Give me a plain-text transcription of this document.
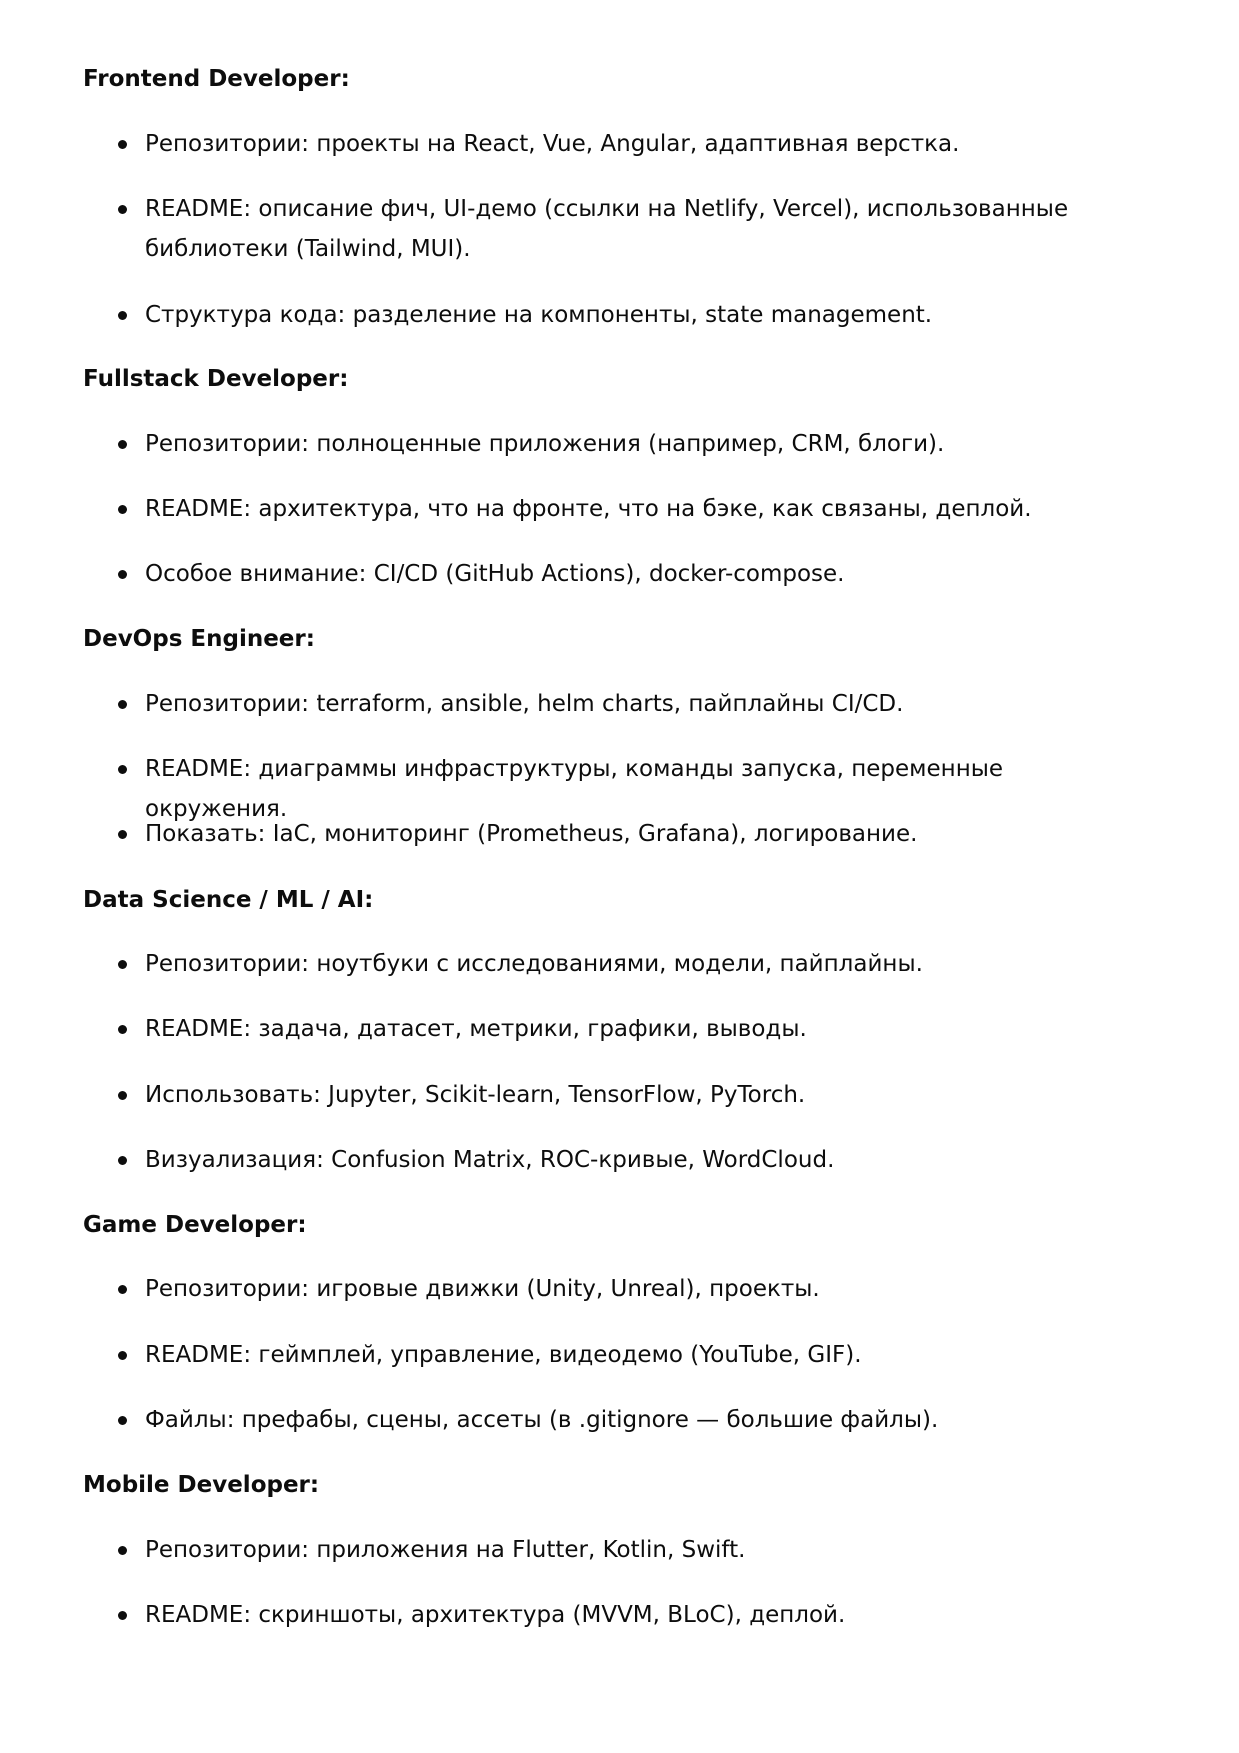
Frontend Developer:

Репозитории: проекты на React, Vue, Angular, адаптивная верстка.

README: описание фич, UI-демо (ссылки на Netlify, Vercel), использованные библиотеки (Tailwind, MUI).

Структура кода: разделение на компоненты, state management.

Fullstack Developer:

Репозитории: полноценные приложения (например, CRM, блоги).

README: архитектура, что на фронте, что на бэке, как связаны, деплой.

Особое внимание: CI/CD (GitHub Actions), docker-compose.

DevOps Engineer:

Репозитории: terraform, ansible, helm charts, пайплайны CI/CD.

README: диаграммы инфраструктуры, команды запуска, переменные окружения.

Показать: IaC, мониторинг (Prometheus, Grafana), логирование.

Data Science / ML / AI:

Репозитории: ноутбуки с исследованиями, модели, пайплайны.

README: задача, датасет, метрики, графики, выводы.

Использовать: Jupyter, Scikit-learn, TensorFlow, PyTorch.

Визуализация: Confusion Matrix, ROC-кривые, WordCloud.

Game Developer:

Репозитории: игровые движки (Unity, Unreal), проекты.

README: геймплей, управление, видеодемо (YouTube, GIF).

Файлы: префабы, сцены, ассеты (в .gitignore — большие файлы).

Mobile Developer:

Репозитории: приложения на Flutter, Kotlin, Swift.

README: скриншоты, архитектура (MVVM, BLoC), деплой.
